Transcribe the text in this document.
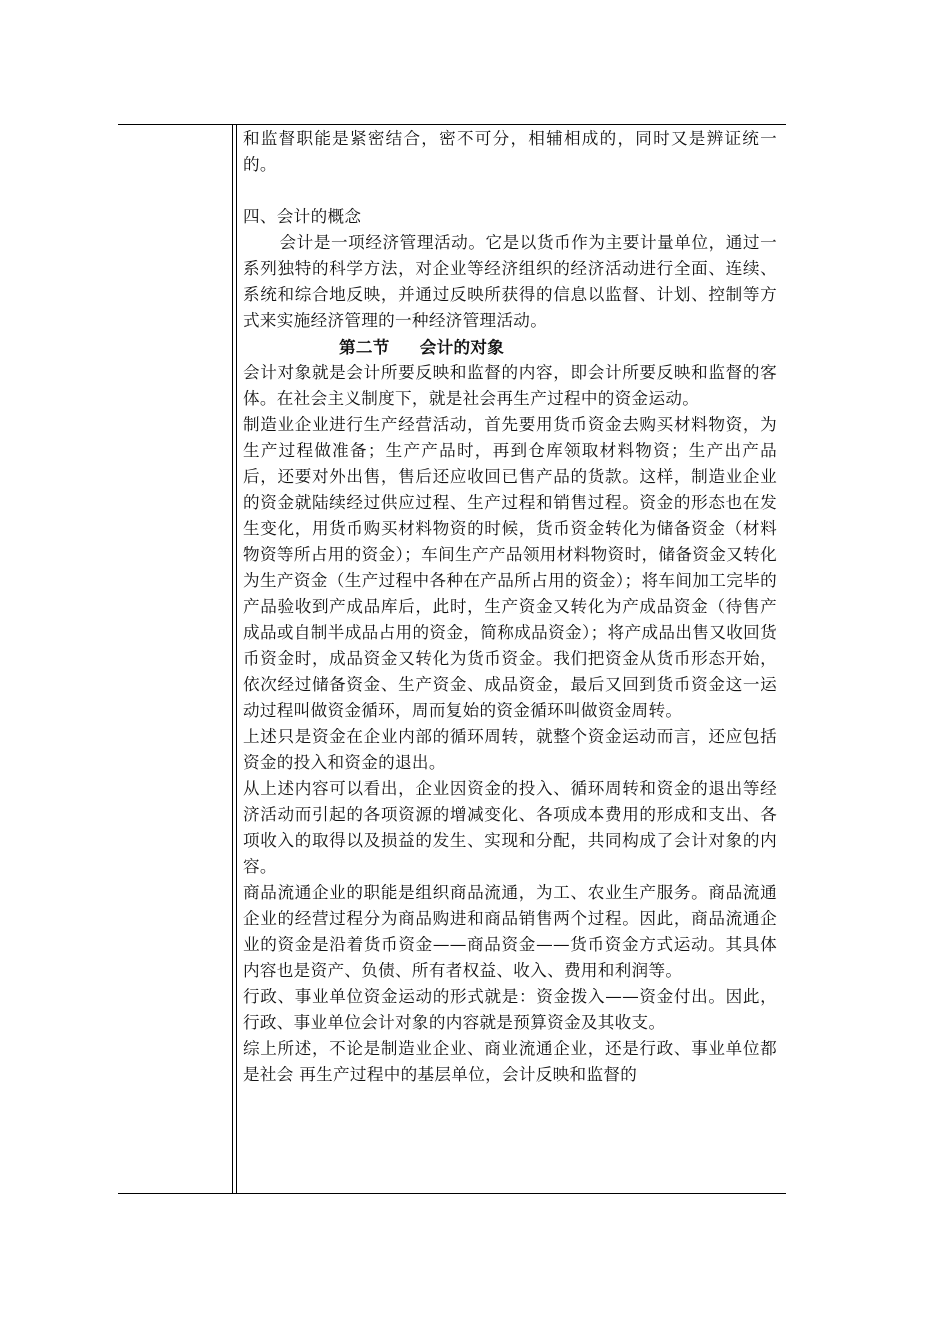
和监督职能是紧密结合，密不可分，相辅相成的，同时又是辨证统一的。

四、会计的概念

会计是一项经济管理活动。它是以货币作为主要计量单位，通过一系列独特的科学方法，对企业等经济组织的经济活动进行全面、连续、系统和综合地反映，并通过反映所获得的信息以监督、计划、控制等方式来实施经济管理的一种经济管理活动。

第二节 会计的对象

会计对象就是会计所要反映和监督的内容，即会计所要反映和监督的客体。在社会主义制度下，就是社会再生产过程中的资金运动。

制造业企业进行生产经营活动，首先要用货币资金去购买材料物资，为生产过程做准备；生产产品时，再到仓库领取材料物资；生产出产品后，还要对外出售，售后还应收回已售产品的货款。这样，制造业企业的资金就陆续经过供应过程、生产过程和销售过程。资金的形态也在发生变化，用货币购买材料物资的时候，货币资金转化为储备资金（材料物资等所占用的资金）；车间生产产品领用材料物资时，储备资金又转化为生产资金（生产过程中各种在产品所占用的资金）；将车间加工完毕的产品验收到产成品库后，此时，生产资金又转化为产成品资金（待售产成品或自制半成品占用的资金，简称成品资金）；将产成品出售又收回货币资金时，成品资金又转化为货币资金。我们把资金从货币形态开始，依次经过储备资金、生产资金、成品资金，最后又回到货币资金这一运动过程叫做资金循环，周而复始的资金循环叫做资金周转。

上述只是资金在企业内部的循环周转，就整个资金运动而言，还应包括资金的投入和资金的退出。

从上述内容可以看出，企业因资金的投入、循环周转和资金的退出等经济活动而引起的各项资源的增减变化、各项成本费用的形成和支出、各项收入的取得以及损益的发生、实现和分配，共同构成了会计对象的内容。

商品流通企业的职能是组织商品流通，为工、农业生产服务。商品流通企业的经营过程分为商品购进和商品销售两个过程。因此，商品流通企业的资金是沿着货币资金——商品资金——货币资金方式运动。其具体内容也是资产、负债、所有者权益、收入、费用和利润等。

行政、事业单位资金运动的形式就是：资金拨入——资金付出。因此，行政、事业单位会计对象的内容就是预算资金及其收支。

综上所述，不论是制造业企业、商业流通企业，还是行政、事业单位都是社会 再生产过程中的基层单位，会计反映和监督的
